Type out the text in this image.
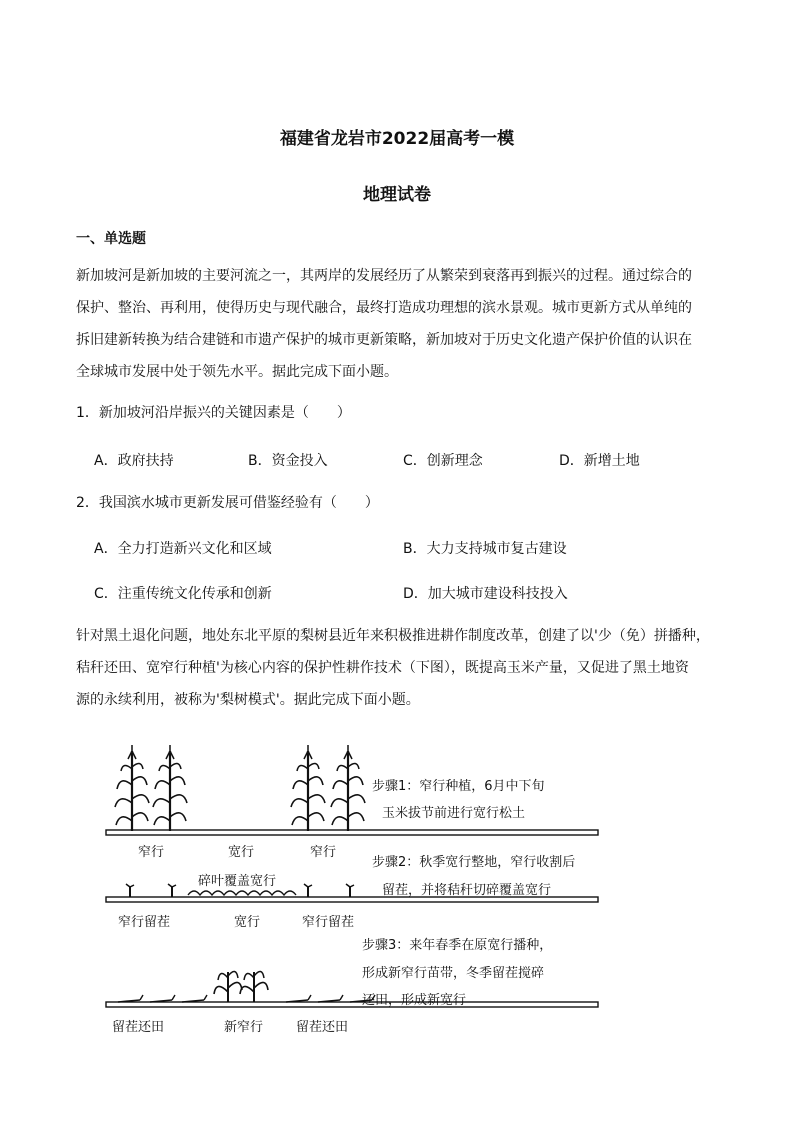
福建省龙岩市2022届高考一模
地理试卷
一、单选题
新加坡河是新加坡的主要河流之一，其两岸的发展经历了从繁荣到衰落再到振兴的过程。通过综合的
保护、整治、再利用，使得历史与现代融合，最终打造成功理想的滨水景观。城市更新方式从单纯的
拆旧建新转换为结合建链和市遗产保护的城市更新策略，新加坡对于历史文化遗产保护价值的认识在
全球城市发展中处于领先水平。据此完成下面小题。
1．新加坡河沿岸振兴的关键因素是（　　）
A．政府扶持	B．资金投入	C．创新理念	D．新增土地
2．我国滨水城市更新发展可借鉴经验有（　　）
A．全力打造新兴文化和区域	B．大力支持城市复古建设
C．注重传统文化传承和创新	D．加大城市建设科技投入
针对黑土退化问题，地处东北平原的梨树县近年来积极推进耕作制度改革，创建了以'少（免）拼播种，
秸秆还田、宽窄行种植'为核心内容的保护性耕作技术（下图），既提高玉米产量，又促进了黑土地资
源的永续利用，被称为'梨树模式'。据此完成下面小题。
步骤1：窄行种植，6月中下旬
玉米拔节前进行宽行松土
窄行	宽行	窄行
步骤2：秋季宽行整地，窄行收割后
留茬，并将秸秆切碎覆盖宽行
碎叶覆盖宽行
窄行留茬	宽行	窄行留茬
步骤3：来年春季在原宽行播种，
形成新窄行苗带，冬季留茬搅碎
还田，形成新宽行
留茬还田	新窄行	留茬还田
